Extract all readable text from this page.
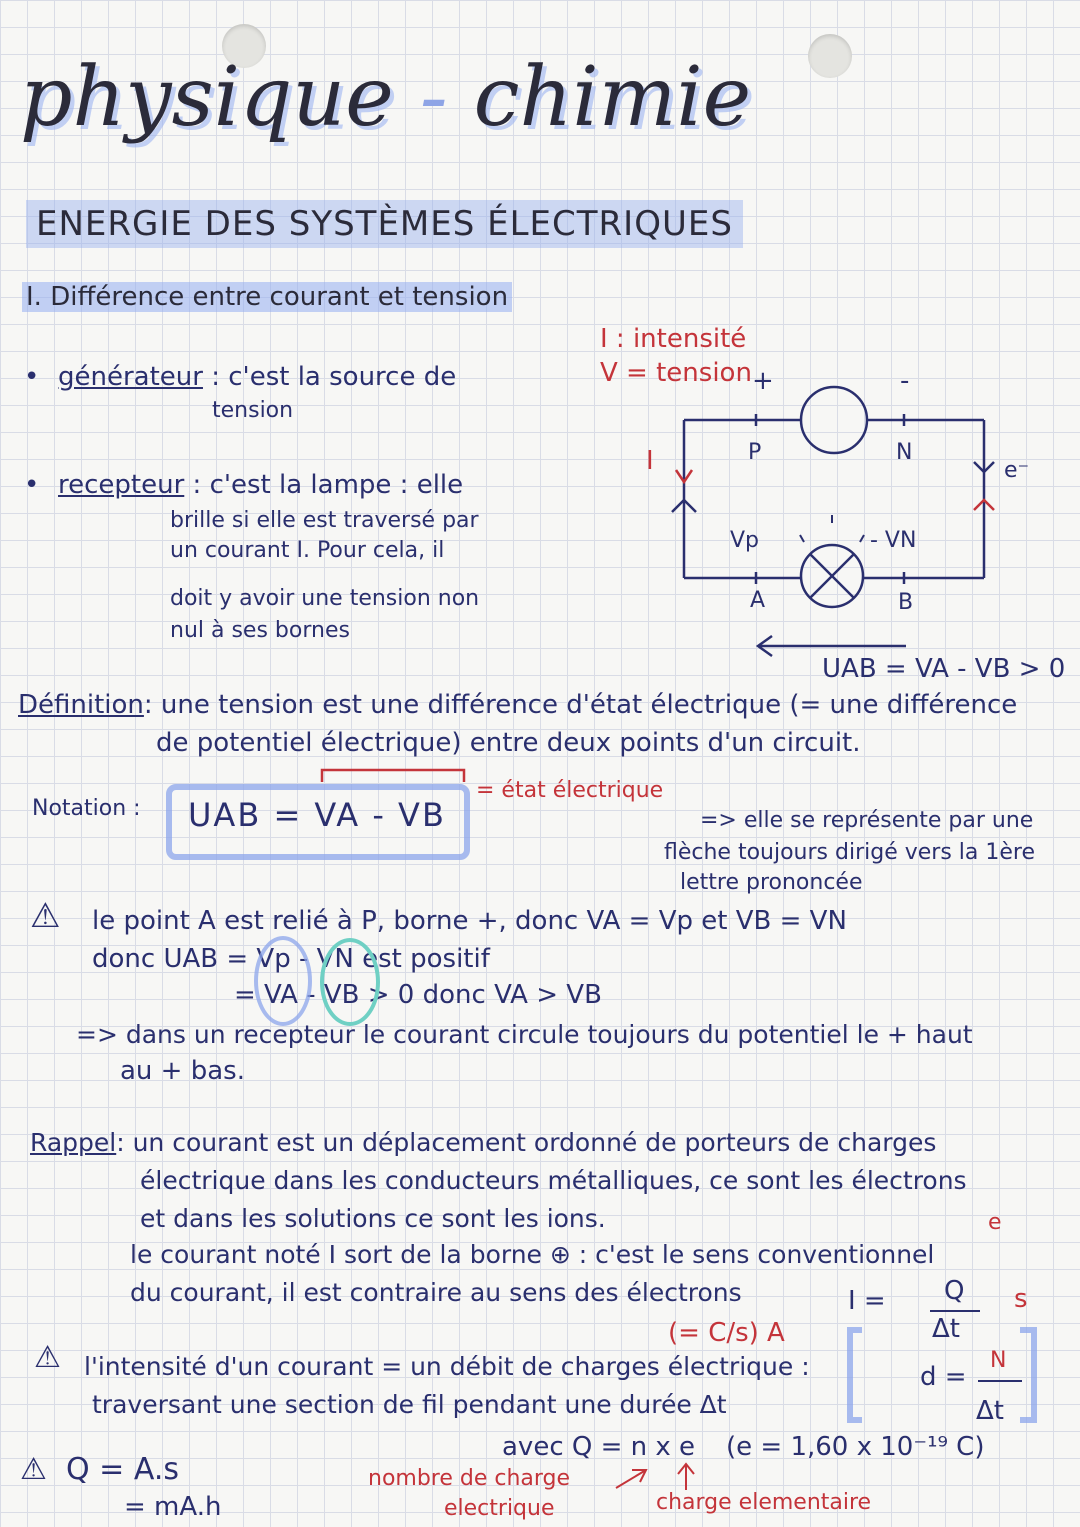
physique - chimie
ENERGIE DES SYSTÈMES ÉLECTRIQUES
I. Différence entre courant et tension
I : intensité
V = tension
• générateur : c'est la source de
tension
• recepteur : c'est la lampe : elle
brille si elle est traversé par
un courant I. Pour cela, il
doit y avoir une tension non
nul à ses bornes
+	-
P	N
I
Vp	- VN
A	B
e⁻
UAB = VA - VB > 0
Définition: une tension est une différence d'état électrique (= une différence
de potentiel électrique) entre deux points d'un circuit.
= état électrique
Notation : UAB = VA - VB	=> elle se représente par une
flèche toujours dirigé vers la 1ère
lettre prononcée
⚠ le point A est relié à P, borne +, donc VA = Vp et VB = VN
donc UAB = Vp - VN est positif
= VA - VB > 0 donc VA > VB
=> dans un recepteur le courant circule toujours du potentiel le + haut
au + bas.
Rappel: un courant est un déplacement ordonné de porteurs de charges
électrique dans les conducteurs métalliques, ce sont les électrons
e
et dans les solutions ce sont les ions.
le courant noté I sort de la borne ⊕ : c'est le sens conventionnel
du courant, il est contraire au sens des électrons	I = Q
Δt
s
(= C/s) A
⚠ l'intensité d'un courant = un débit de charges électrique :
traversant une section de fil pendant une durée Δt
d =
N
Δt
avec Q = n x e (e = 1,60 x 10⁻¹⁹ C)
nombre de charge
electrique	charge elementaire
⚠ Q = A.s
= mA.h
